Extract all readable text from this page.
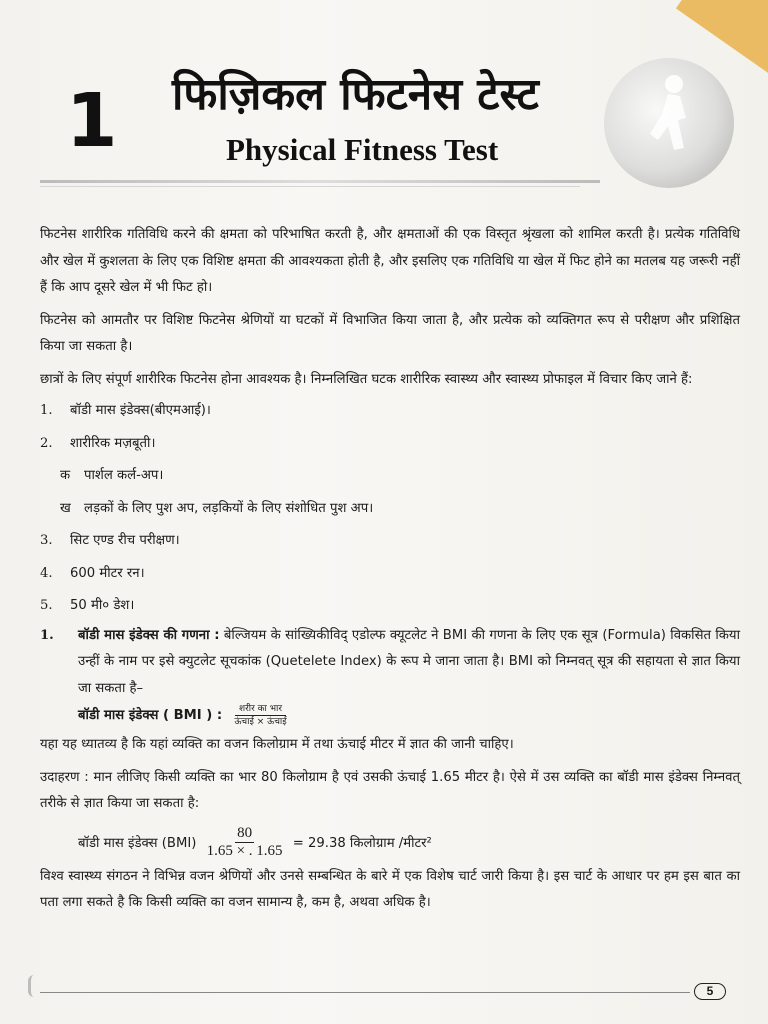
1 फिज़िकल फिटनेस टेस्ट
Physical Fitness Test

फिटनेस शारीरिक गतिविधि करने की क्षमता को परिभाषित करती है, और क्षमताओं की एक विस्तृत श्रृंखला को शामिल करती है। प्रत्येक गतिविधि और खेल में कुशलता के लिए एक विशिष्ट क्षमता की आवश्यकता होती है, और इसलिए एक गतिविधि या खेल में फिट होने का मतलब यह जरूरी नहीं हैं कि आप दूसरे खेल में भी फिट हो।

फिटनेस को आमतौर पर विशिष्ट फिटनेस श्रेणियों या घटकों में विभाजित किया जाता है, और प्रत्येक को व्यक्तिगत रूप से परीक्षण और प्रशिक्षित किया जा सकता है।

छात्रों के लिए संपूर्ण शारीरिक फिटनेस होना आवश्यक है। निम्नलिखित घटक शारीरिक स्वास्थ्य और स्वास्थ्य प्रोफाइल में विचार किए जाने हैं:

1.	बॉडी मास इंडेक्स(बीएमआई)।
2.	शारीरिक मज़बूती।
क	पार्शल कर्ल-अप।
ख	लड़कों के लिए पुश अप, लड़कियों के लिए संशोधित पुश अप।
3.	सिट एण्ड रीच परीक्षण।
4.	600 मीटर रन।
5.	50 मी० डेश।
1.	बॉडी मास इंडेक्स की गणना : बेल्जियम के सांख्यिकीविद् एडोल्फ क्यूटलेट ने BMI की गणना के लिए एक सूत्र (Formula) विकसित किया उन्हीं के नाम पर इसे क्युटलेट सूचकांक (Quetelete Index) के रूप मे जाना जाता है। BMI को निम्नवत् सूत्र की सहायता से ज्ञात किया जा सकता है–
बॉडी मास इंडेक्स ( BMI ) : $\frac{\text{शरीर का भार}}{\text{ऊंचाई × ऊंचाई}}$

यहा यह ध्यातव्य है कि यहां व्यक्ति का वजन किलोग्राम में तथा ऊंचाई मीटर में ज्ञात की जानी चाहिए।

उदाहरण : मान लीजिए किसी व्यक्ति का भार 80 किलोग्राम है एवं उसकी ऊंचाई 1.65 मीटर है। ऐसे में उस व्यक्ति का बॉडी मास इंडेक्स निम्नवत् तरीके से ज्ञात किया जा सकता है:

बॉडी मास इंडेक्स $(BMI) \frac{80}{1.65 \times . 1.65} = 29.38$ किलोग्राम /मीटर²

विश्व स्वास्थ्य संगठन ने विभिन्न वजन श्रेणियों और उनसे सम्बन्धित के बारे में एक विशेष चार्ट जारी किया है। इस चार्ट के आधार पर हम इस बात का पता लगा सकते है कि किसी व्यक्ति का वजन सामान्य है, कम है, अथवा अधिक है।

5
